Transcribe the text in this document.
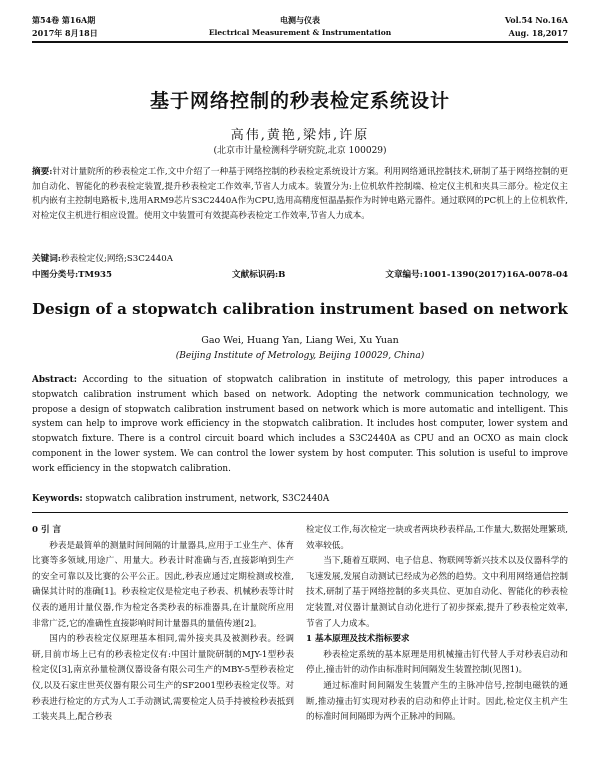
第54卷 第16A期
2017年 8月18日
电测与仪表
Electrical Measurement & Instrumentation
Vol.54 No.16A
Aug. 18,2017
基于网络控制的秒表检定系统设计
高伟,黄艳,梁炜,许原
(北京市计量检测科学研究院,北京 100029)
摘要:针对计量院所的秒表检定工作,文中介绍了一种基于网络控制的秒表检定系统设计方案。利用网络通讯控制技术,研制了基于网络控制的更加自动化、智能化的秒表检定装置,提升秒表检定工作效率,节省人力成本。装置分为:上位机软件控制端、检定仪主机和夹具三部分。检定仪主机内嵌有主控制电路板卡,选用ARM9芯片S3C2440A作为CPU,选用高精度恒温晶振作为时钟电路元器件。通过联网的PC机上的上位机软件,对检定仪主机进行相应设置。使用文中装置可有效提高秒表检定工作效率,节省人力成本。
关键词:秒表检定仪;网络;S3C2440A
中图分类号:TM935	文献标识码:B	文章编号:1001-1390(2017)16A-0078-04
Design of a stopwatch calibration instrument based on network
Gao Wei, Huang Yan, Liang Wei, Xu Yuan
(Beijing Institute of Metrology, Beijing 100029, China)
Abstract: According to the situation of stopwatch calibration in institute of metrology, this paper introduces a stopwatch calibration instrument which based on network. Adopting the network communication technology, we propose a design of stopwatch calibration instrument based on network which is more automatic and intelligent. This system can help to improve work efficiency in the stopwatch calibration. It includes host computer, lower system and stopwatch fixture. There is a control circuit board which includes a S3C2440A as CPU and an OCXO as main clock component in the lower system. We can control the lower system by host computer. This solution is useful to improve work efficiency in the stopwatch calibration.
Keywords: stopwatch calibration instrument, network, S3C2440A

0 引 言

秒表是最简单的测量时间间隔的计量器具,应用于工业生产、体育比赛等多领域,用途广、用量大。秒表计时准确与否,直接影响到生产的安全可靠以及比赛的公平公正。因此,秒表应通过定期检测或校准,确保其计时的准确[1]。秒表检定仪是检定电子秒表、机械秒表等计时仪表的通用计量仪器,作为检定各类秒表的标准器具,在计量院所应用非常广泛,它的准确性直接影响时间计量器具的量值传递[2]。

国内的秒表检定仪原理基本相同,需外接夹具及被测秒表。经调研,目前市场上已有的秒表检定仪有:中国计量院研制的MJY-1型秒表检定仪[3],南京孙量检测仪器设备有限公司生产的MBY-5型秒表检定仪,以及石家庄世英仪器有限公司生产的SF2001型秒表检定仪等。对秒表进行检定的方式为人工手动测试,需要检定人员手持被检秒表抵到工装夹具上,配合秒表

检定仪工作,每次检定一块或者两块秒表样品,工作量大,数据处理繁琐,效率较低。

当下,随着互联网、电子信息、物联网等新兴技术以及仪器科学的飞速发展,发展自动测试已经成为必然的趋势。文中利用网络通信控制技术,研制了基于网络控制的多夹具位、更加自动化、智能化的秒表检定装置,对仪器计量测试自动化进行了初步探索,提升了秒表检定效率,节省了人力成本。

1 基本原理及技术指标要求

秒表检定系统的基本原理是用机械撞击钉代替人手对秒表启动和停止,撞击针的动作由标准时间间隔发生装置控制(见图1)。

通过标准时间间隔发生装置产生的主脉冲信号,控制电磁铁的通断,推动撞击钉实现对秒表的启动和停止计时。因此,检定仪主机产生的标准时间间隔即为两个正脉冲的间隔。
